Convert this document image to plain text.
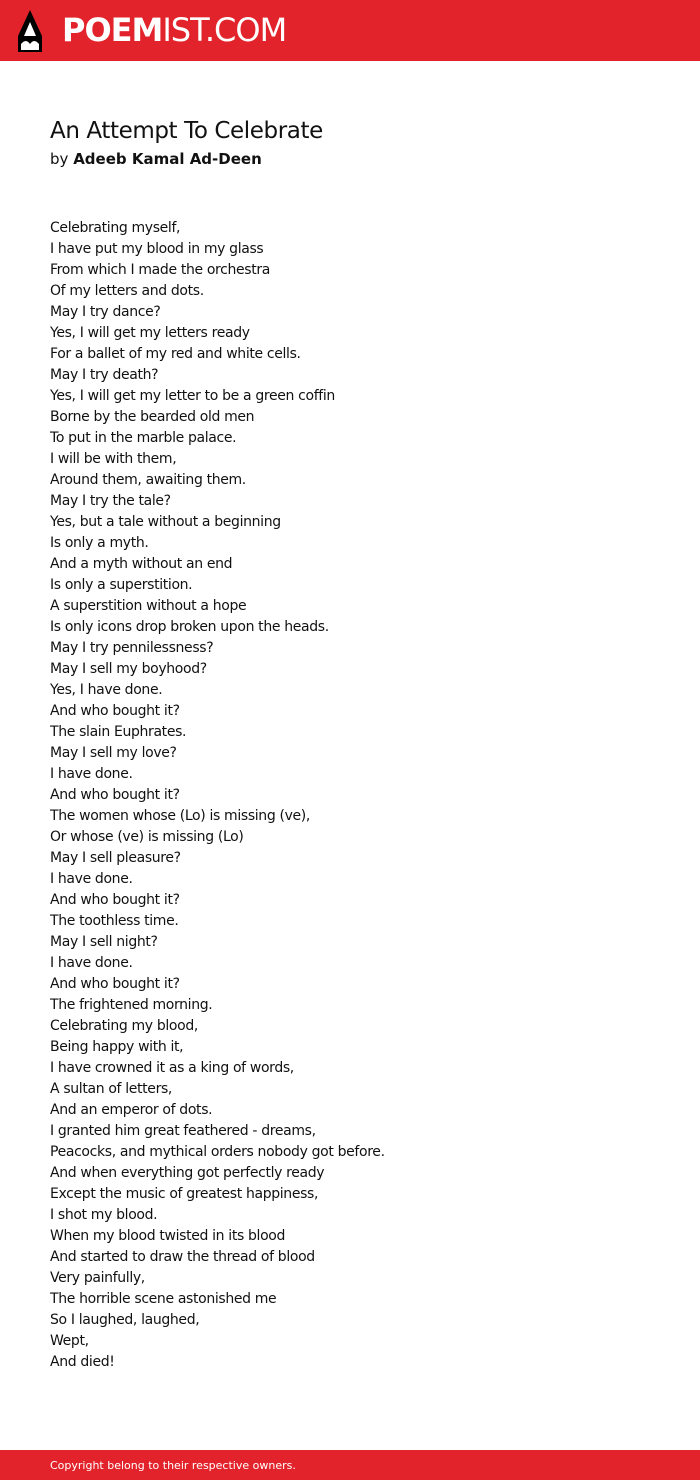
POEMIST.COM
An Attempt To Celebrate
by Adeeb Kamal Ad-Deen
Celebrating myself,
I have put my blood in my glass
From which I made the orchestra
Of my letters and dots.
May I try dance?
Yes, I will get my letters ready
For a ballet of my red and white cells.
May I try death?
Yes, I will get my letter to be a green coffin
Borne by the bearded old men
To put in the marble palace.
I will be with them,
Around them, awaiting them.
May I try the tale?
Yes, but a tale without a beginning
Is only a myth.
And a myth without an end
Is only a superstition.
A superstition without a hope
Is only icons drop broken upon the heads.
May I try pennilessness?
May I sell my boyhood?
Yes, I have done.
And who bought it?
The slain Euphrates.
May I sell my love?
I have done.
And who bought it?
The women whose (Lo) is missing (ve),
Or whose (ve) is missing (Lo)
May I sell pleasure?
I have done.
And who bought it?
The toothless time.
May I sell night?
I have done.
And who bought it?
The frightened morning.
Celebrating my blood,
Being happy with it,
I have crowned it as a king of words,
A sultan of letters,
And an emperor of dots.
I granted him great feathered - dreams,
Peacocks, and mythical orders nobody got before.
And when everything got perfectly ready
Except the music of greatest happiness,
I shot my blood.
When my blood twisted in its blood
And started to draw the thread of blood
Very painfully,
The horrible scene astonished me
So I laughed, laughed,
Wept,
And died!
Copyright belong to their respective owners.
